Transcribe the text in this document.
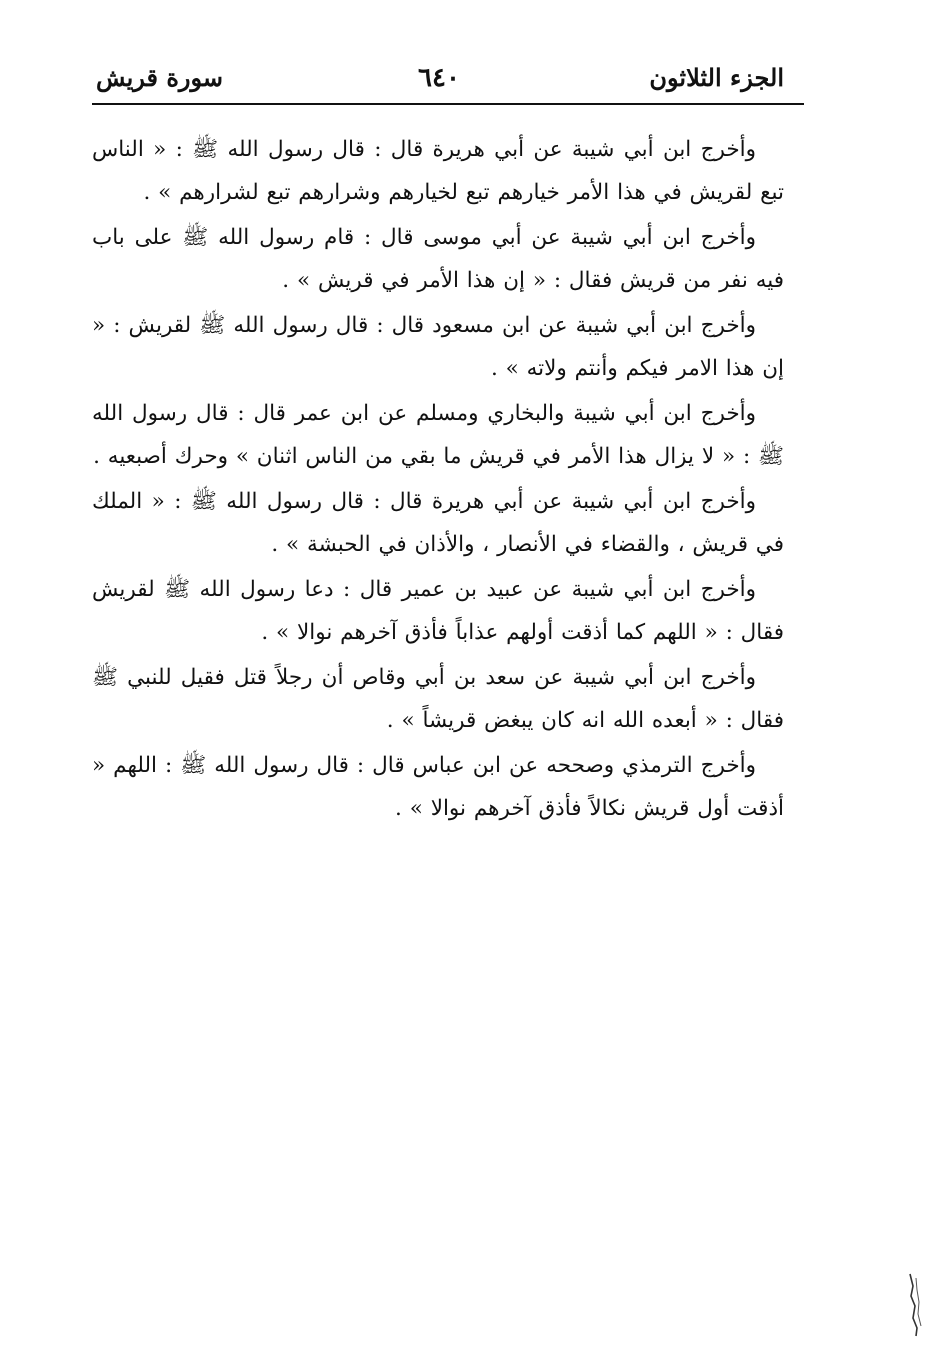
الجزء الثلاثون
٦٤٠
سورة قريش

وأخرج ابن أبي شيبة عن أبي هريرة قال : قال رسول الله ﷺ : « الناس تبع لقريش في هذا الأمر خيارهم تبع لخيارهم وشرارهم تبع لشرارهم » .

وأخرج ابن أبي شيبة عن أبي موسى قال : قام رسول الله ﷺ على باب فيه نفر من قريش فقال : « إن هذا الأمر في قريش » .

وأخرج ابن أبي شيبة عن ابن مسعود قال : قال رسول الله ﷺ لقريش : « إن هذا الامر فيكم وأنتم ولاته » .

وأخرج ابن أبي شيبة والبخاري ومسلم عن ابن عمر قال : قال رسول الله ﷺ : « لا يزال هذا الأمر في قريش ما بقي من الناس اثنان » وحرك أصبعيه .

وأخرج ابن أبي شيبة عن أبي هريرة قال : قال رسول الله ﷺ : « الملك في قريش ، والقضاء في الأنصار ، والأذان في الحبشة » .

وأخرج ابن أبي شيبة عن عبيد بن عمير قال : دعا رسول الله ﷺ لقريش فقال : « اللهم كما أذقت أولهم عذاباً فأذق آخرهم نوالا » .

وأخرج ابن أبي شيبة عن سعد بن أبي وقاص أن رجلاً قتل فقيل للنبي ﷺ فقال : « أبعده الله انه كان يبغض قريشاً » .

وأخرج الترمذي وصححه عن ابن عباس قال : قال رسول الله ﷺ : اللهم « أذقت أول قريش نكالاً فأذق آخرهم نوالا » .
